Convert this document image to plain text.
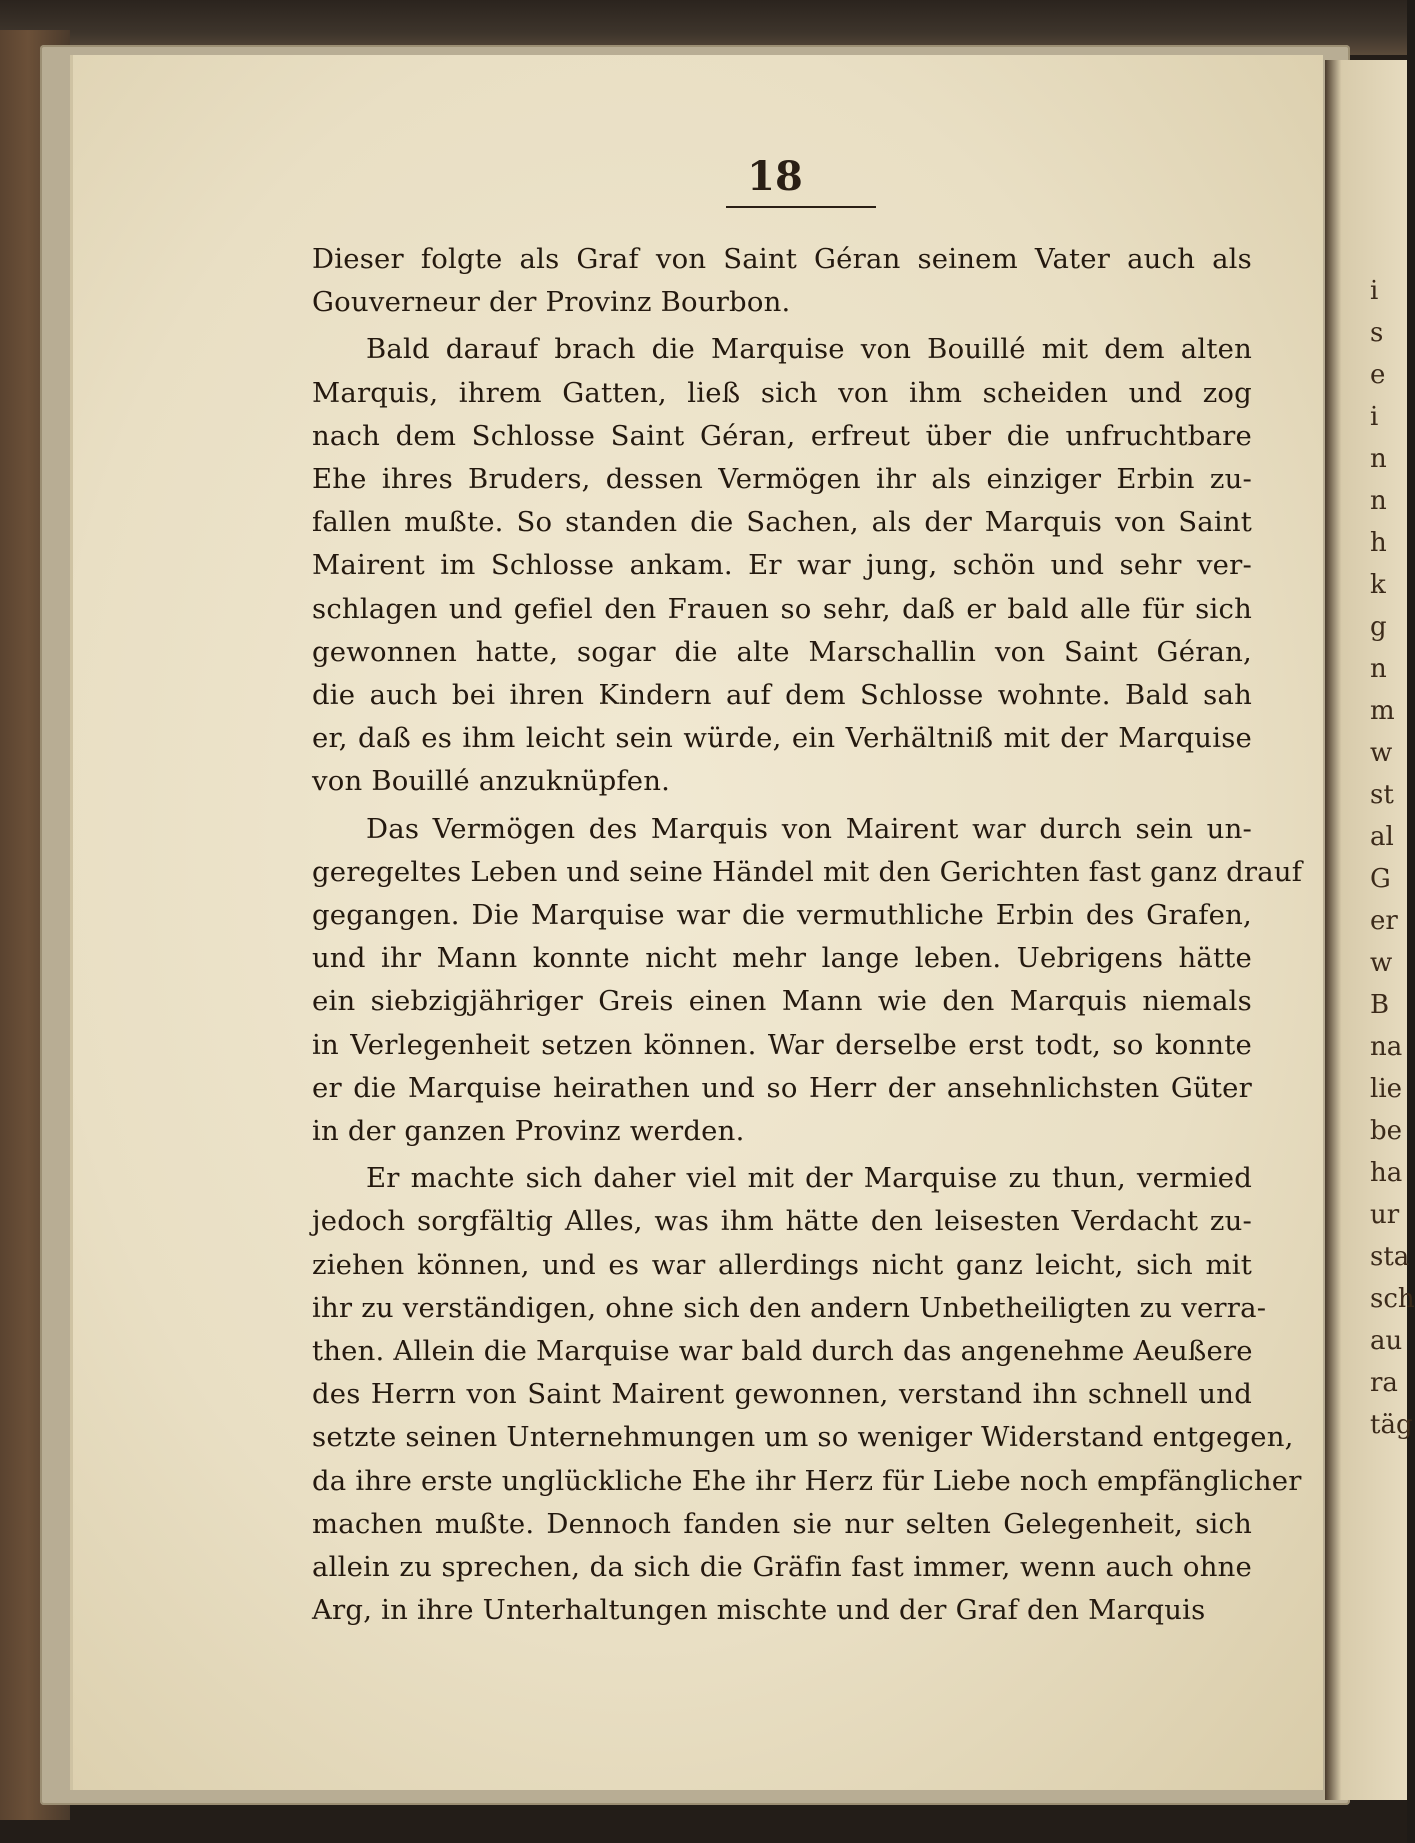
i
s
e
i
n
n
h
k
g
n
m
w
st
al
G
er
w
B
na
lie
be
ha
ur
sta
sch
au
ra
täg
18
Dieser folgte als Graf von Saint Géran seinem Vater auch als
Gouverneur der Provinz Bourbon.
Bald darauf brach die Marquise von Bouillé mit dem alten
Marquis, ihrem Gatten, ließ sich von ihm scheiden und zog
nach dem Schlosse Saint Géran, erfreut über die unfruchtbare
Ehe ihres Bruders, dessen Vermögen ihr als einziger Erbin zu-
fallen mußte. So standen die Sachen, als der Marquis von Saint
Mairent im Schlosse ankam. Er war jung, schön und sehr ver-
schlagen und gefiel den Frauen so sehr, daß er bald alle für sich
gewonnen hatte, sogar die alte Marschallin von Saint Géran,
die auch bei ihren Kindern auf dem Schlosse wohnte. Bald sah
er, daß es ihm leicht sein würde, ein Verhältniß mit der Marquise
von Bouillé anzuknüpfen.
Das Vermögen des Marquis von Mairent war durch sein un-
geregeltes Leben und seine Händel mit den Gerichten fast ganz drauf
gegangen. Die Marquise war die vermuthliche Erbin des Grafen,
und ihr Mann konnte nicht mehr lange leben. Uebrigens hätte
ein siebzigjähriger Greis einen Mann wie den Marquis niemals
in Verlegenheit setzen können. War derselbe erst todt, so konnte
er die Marquise heirathen und so Herr der ansehnlichsten Güter
in der ganzen Provinz werden.
Er machte sich daher viel mit der Marquise zu thun, vermied
jedoch sorgfältig Alles, was ihm hätte den leisesten Verdacht zu-
ziehen können, und es war allerdings nicht ganz leicht, sich mit
ihr zu verständigen, ohne sich den andern Unbetheiligten zu verra-
then. Allein die Marquise war bald durch das angenehme Aeußere
des Herrn von Saint Mairent gewonnen, verstand ihn schnell und
setzte seinen Unternehmungen um so weniger Widerstand entgegen,
da ihre erste unglückliche Ehe ihr Herz für Liebe noch empfänglicher
machen mußte. Dennoch fanden sie nur selten Gelegenheit, sich
allein zu sprechen, da sich die Gräfin fast immer, wenn auch ohne
Arg, in ihre Unterhaltungen mischte und der Graf den Marquis
